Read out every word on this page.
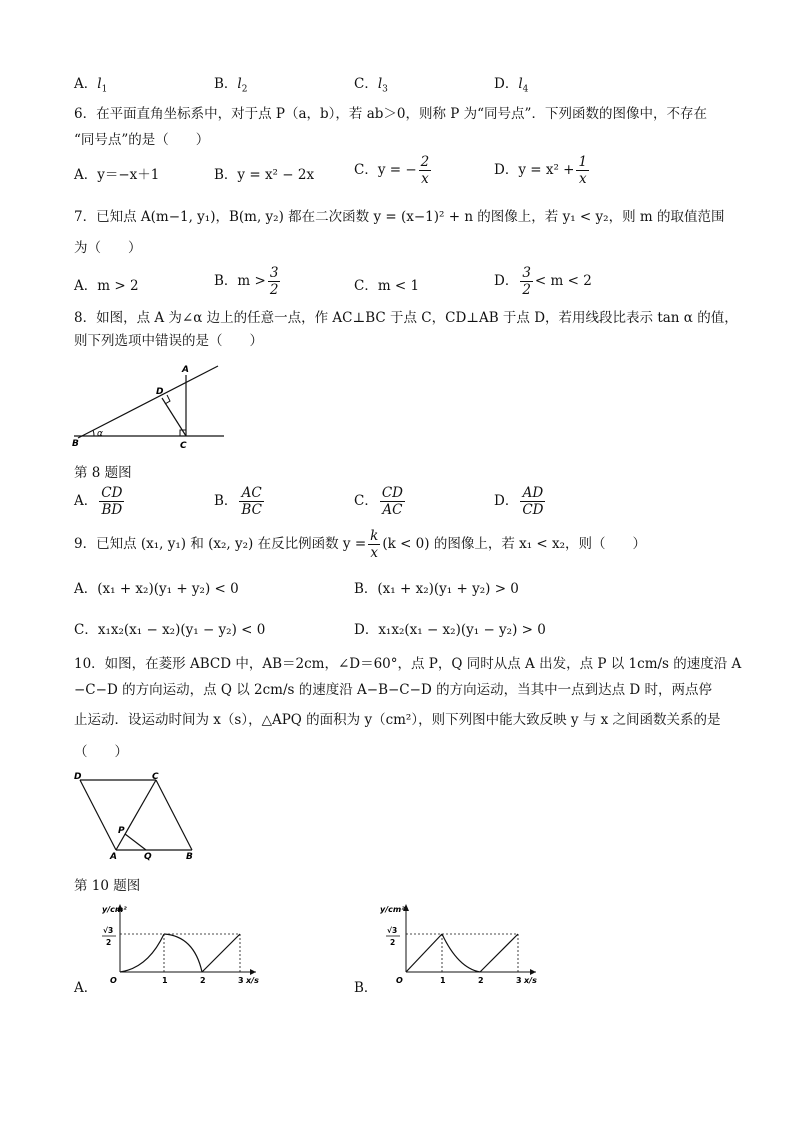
A．$l_1$	B．$l_2$	C．$l_3$	D．$l_4$
6．在平面直角坐标系中，对于点 P（a，b），若 ab＞0，则称 P 为“同号点”．下列函数的图像中，不存在
“同号点”的是（　　）
A．y＝−x＋1	B．y = x² − 2x	C．y = − $\frac{2}{x}$	D．$y = x^2 + \frac{1}{x}$
7．已知点 A(m−1, y₁)，B(m, y₂) 都在二次函数 y = (x−1)² + n 的图像上，若 y₁ < y₂，则 m 的取值范围
为（　　）
A．m > 2	B．$m > \frac{3}{2}$	C．m < 1	D． $\frac{3}{2} < m < 2$
8．如图，点 A 为∠α 边上的任意一点，作 AC⊥BC 于点 C，CD⊥AB 于点 D，若用线段比表示 tan α 的值，
则下列选项中错误的是（　　）
B
α
C
D
A
第 8 题图
A． $\frac{CD}{BD}$	B． $\frac{AC}{BC}$	C． $\frac{CD}{AC}$	D． $\frac{AD}{CD}$
9．已知点 (x₁, y₁) 和 (x₂, y₂) 在反比例函数 $y = \frac{k}{x} (k < 0)$ 的图像上，若 x₁ < x₂，则（　　）
A．(x₁ + x₂)(y₁ + y₂) < 0	B．(x₁ + x₂)(y₁ + y₂) > 0
C．x₁x₂(x₁ − x₂)(y₁ − y₂) < 0	D．x₁x₂(x₁ − x₂)(y₁ − y₂) > 0
10．如图，在菱形 ABCD 中，AB＝2cm，∠D＝60°，点 P，Q 同时从点 A 出发，点 P 以 1cm/s 的速度沿 A
−C−D 的方向运动，点 Q 以 2cm/s 的速度沿 A−B−C−D 的方向运动，当其中一点到达点 D 时，两点停
止运动．设运动时间为 x（s），△APQ 的面积为 y（cm²），则下列图中能大致反映 y 与 x 之间函数关系的是
（　　）
D	C
A	B
P
Q
第 10 题图
A．
y/cm²
√3
2
O	1	2	3 x/s	B．
y/cm²
√3
2
O	1	2	3 x/s
